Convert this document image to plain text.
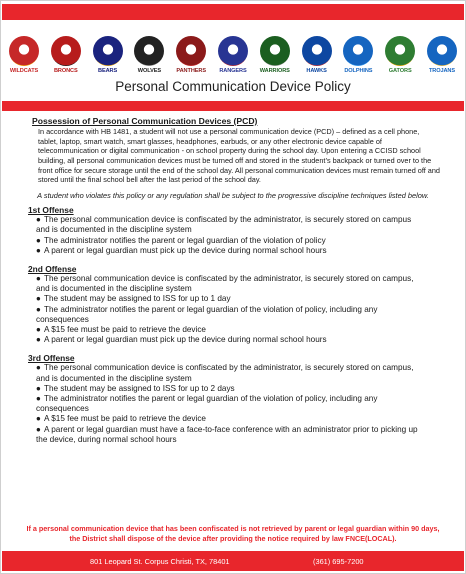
WILDCATS	BRONCS	BEARS	WOLVES	PANTHERS RANGERS WARRIORS	HAWKS	DOLPHINS	GATORS	TROJANS
Personal Communication Device Policy
Possession of Personal Communication Devices (PCD)
In accordance with HB 1481, a student will not use a personal communication device (PCD) – defined as a cell phone, tablet, laptop, smart watch, smart glasses, headphones, earbuds, or any other electronic device capable of telecommunication or digital communication - on school property during the school day. Upon entering a CCISD school building, all personal communication devices must be turned off and stored in the student’s backpack or turned over to the front office for secure storage until the end of the school day. All personal communication devices must remain turned off and stored until the final school bell after the last period of the school day.
A student who violates this policy or any regulation shall be subject to the progressive discipline techniques listed below.
1st Offense
● The personal communication device is confiscated by the administrator, is securely stored on campus and is documented in the discipline system
● The administrator notifies the parent or legal guardian of the violation of policy
● A parent or legal guardian must pick up the device during normal school hours
2nd Offense
● The personal communication device is confiscated by the administrator, is securely stored on campus, and is documented in the discipline system
● The student may be assigned to ISS for up to 1 day
● The administrator notifies the parent or legal guardian of the violation of policy, including any consequences
● A $15 fee must be paid to retrieve the device
● A parent or legal guardian must pick up the device during normal school hours
3rd Offense
● The personal communication device is confiscated by the administrator, is securely stored on campus, and is documented in the discipline system
● The student may be assigned to ISS for up to 2 days
● The administrator notifies the parent or legal guardian of the violation of policy, including any consequences
● A $15 fee must be paid to retrieve the device
● A parent or legal guardian must have a face-to-face conference with an administrator prior to picking up the device, during normal school hours
If a personal communication device that has been confiscated is not retrieved by parent or legal guardian within 90 days, the District shall dispose of the device after providing the notice required by law FNCE(LOCAL).
801 Leopard St. Corpus Christi, TX, 78401	(361) 695-7200
